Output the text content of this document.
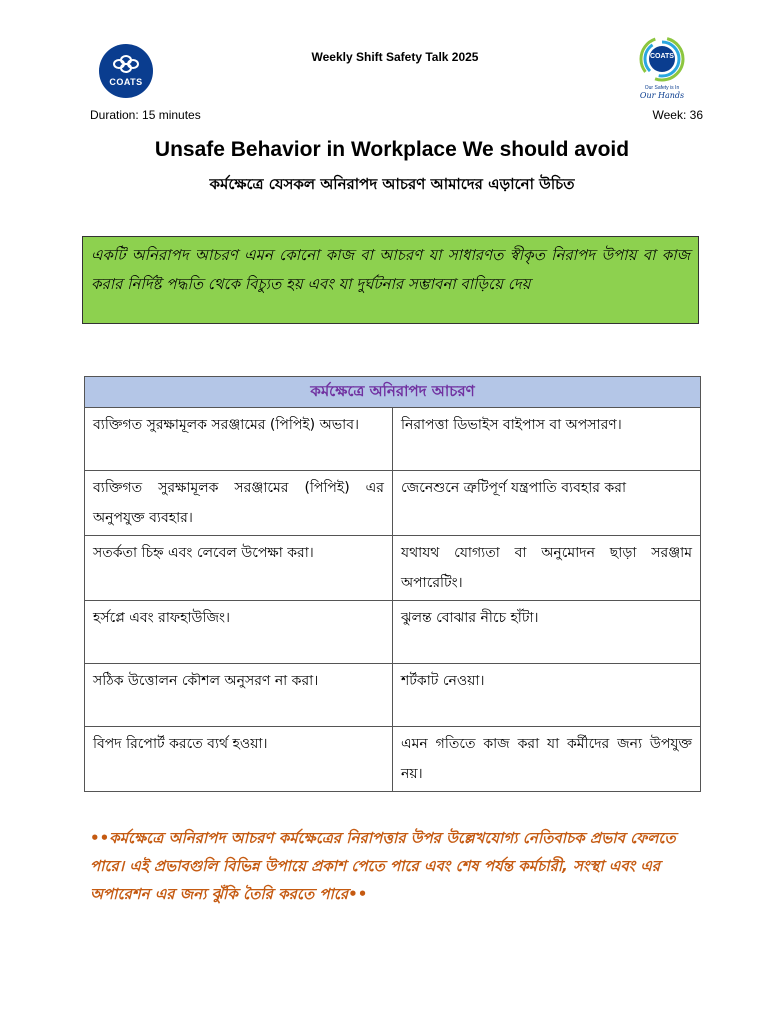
COATS
Weekly Shift Safety Talk 2025	COATS
Our Safety is In
Our Hands
Duration: 15 minutes	Week: 36
Unsafe Behavior in Workplace We should avoid
কর্মক্ষেত্রে যেসকল অনিরাপদ আচরণ আমাদের এড়ানো উচিত
একটি অনিরাপদ আচরণ এমন কোনো কাজ বা আচরণ যা সাধারণত স্বীকৃত নিরাপদ উপায় বা কাজ করার নির্দিষ্ট পদ্ধতি থেকে বিচ্যুত হয় এবং যা দুর্ঘটনার সম্ভাবনা বাড়িয়ে দেয়
কর্মক্ষেত্রে অনিরাপদ আচরণ	
ব্যক্তিগত সুরক্ষামূলক সরঞ্জামের (পিপিই) অভাব।	নিরাপত্তা ডিভাইস বাইপাস বা অপসারণ।
ব্যক্তিগত সুরক্ষামূলক সরঞ্জামের (পিপিই) এর অনুপযুক্ত ব্যবহার।	জেনেশুনে ত্রুটিপূর্ণ যন্ত্রপাতি ব্যবহার করা
সতর্কতা চিহ্ন এবং লেবেল উপেক্ষা করা।	যথাযথ যোগ্যতা বা অনুমোদন ছাড়া সরঞ্জাম অপারেটিং।
হর্সপ্লে এবং রাফহাউজিং।	ঝুলন্ত বোঝার নীচে হাঁটা।
সঠিক উত্তোলন কৌশল অনুসরণ না করা।	শর্টকাট নেওয়া।
বিপদ রিপোর্ট করতে ব্যর্থ হওয়া।	এমন গতিতে কাজ করা যা কর্মীদের জন্য উপযুক্ত নয়।
••কর্মক্ষেত্রে অনিরাপদ আচরণ কর্মক্ষেত্রের নিরাপত্তার উপর উল্লেখযোগ্য নেতিবাচক প্রভাব ফেলতে পারে। এই প্রভাবগুলি বিভিন্ন উপায়ে প্রকাশ পেতে পারে এবং শেষ পর্যন্ত কর্মচারী, সংস্থা এবং এর অপারেশন এর জন্য ঝুঁকি তৈরি করতে পারে••
